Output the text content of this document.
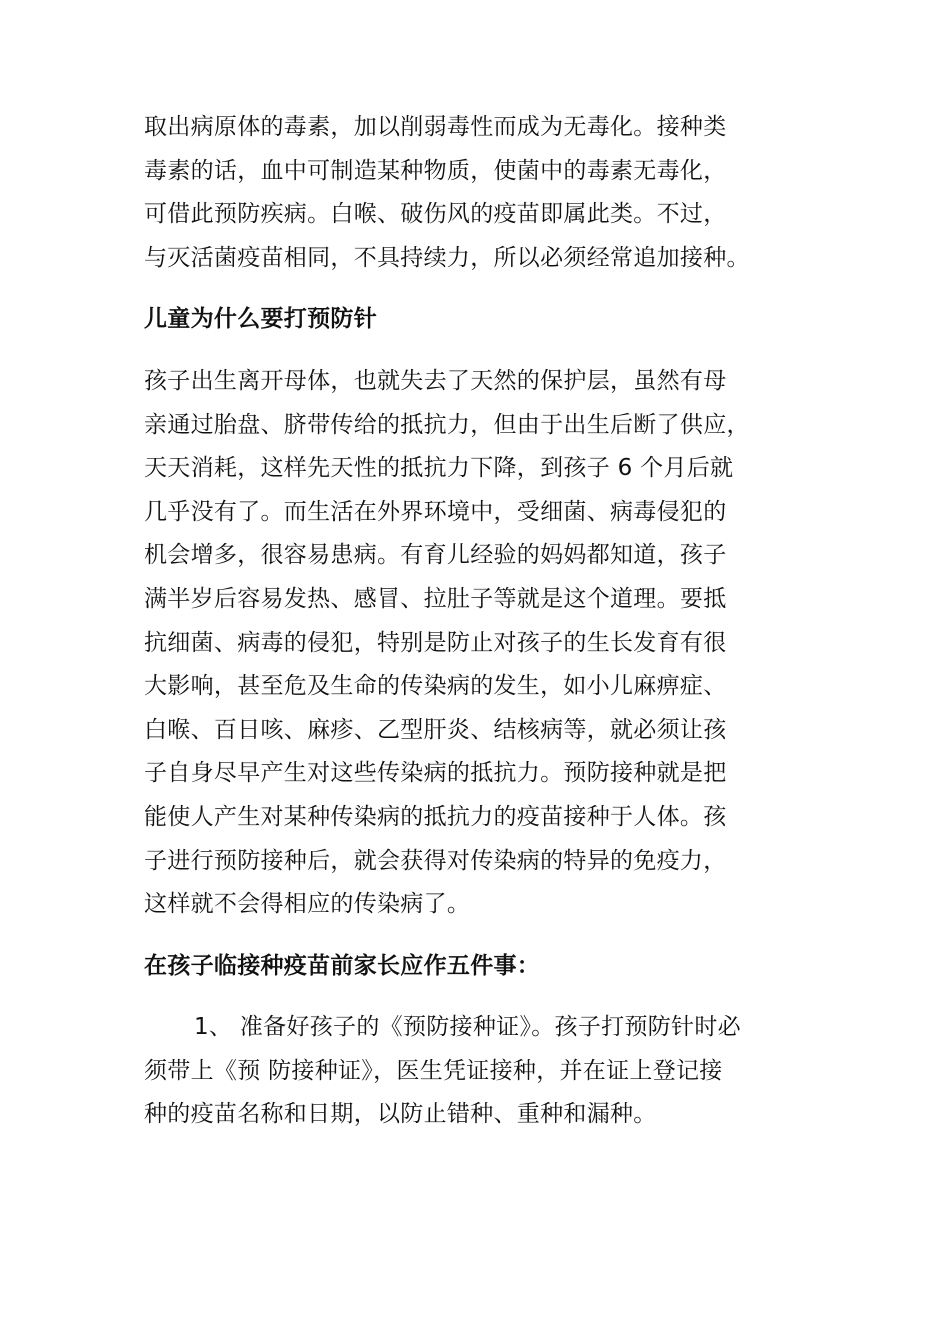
取出病原体的毒素，加以削弱毒性而成为无毒化。接种类
毒素的话，血中可制造某种物质，使菌中的毒素无毒化，
可借此预防疾病。白喉、破伤风的疫苗即属此类。不过，
与灭活菌疫苗相同，不具持续力，所以必须经常追加接种。

儿童为什么要打预防针

孩子出生离开母体，也就失去了天然的保护层，虽然有母
亲通过胎盘、脐带传给的抵抗力，但由于出生后断了供应，
天天消耗，这样先天性的抵抗力下降，到孩子 6 个月后就
几乎没有了。而生活在外界环境中，受细菌、病毒侵犯的
机会增多，很容易患病。有育儿经验的妈妈都知道，孩子
满半岁后容易发热、感冒、拉肚子等就是这个道理。要抵
抗细菌、病毒的侵犯，特别是防止对孩子的生长发育有很
大影响，甚至危及生命的传染病的发生，如小儿麻痹症、
白喉、百日咳、麻疹、乙型肝炎、结核病等，就必须让孩
子自身尽早产生对这些传染病的抵抗力。预防接种就是把
能使人产生对某种传染病的抵抗力的疫苗接种于人体。孩
子进行预防接种后，就会获得对传染病的特异的免疫力，
这样就不会得相应的传染病了。

在孩子临接种疫苗前家长应作五件事：

1、 准备好孩子的《预防接种证》。孩子打预防针时必
须带上《预 防接种证》，医生凭证接种，并在证上登记接
种的疫苗名称和日期，以防止错种、重种和漏种。
